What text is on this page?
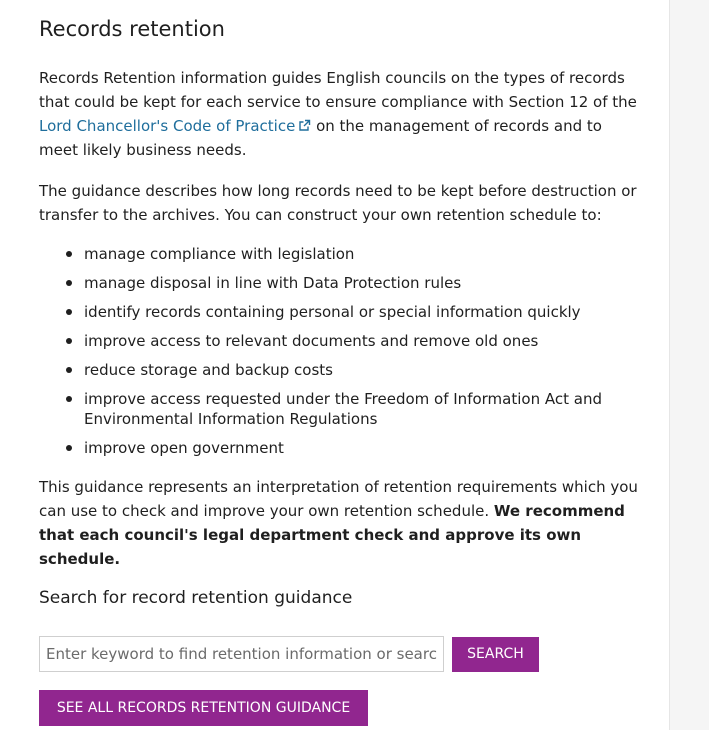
Records retention

Records Retention information guides English councils on the types of records that could be kept for each service to ensure compliance with Section 12 of the Lord Chancellor's Code of Practice on the management of records and to meet likely business needs.

The guidance describes how long records need to be kept before destruction or transfer to the archives. You can construct your own retention schedule to:

manage compliance with legislation
manage disposal in line with Data Protection rules
identify records containing personal or special information quickly
improve access to relevant documents and remove old ones
reduce storage and backup costs
improve access requested under the Freedom of Information Act and Environmental Information Regulations
improve open government

This guidance represents an interpretation of retention requirements which you can use to check and improve your own retention schedule. We recommend that each council's legal department check and approve its own schedule.

Search for record retention guidance
Enter keyword to find retention information or search for a service
SEARCH
SEE ALL RECORDS RETENTION GUIDANCE
